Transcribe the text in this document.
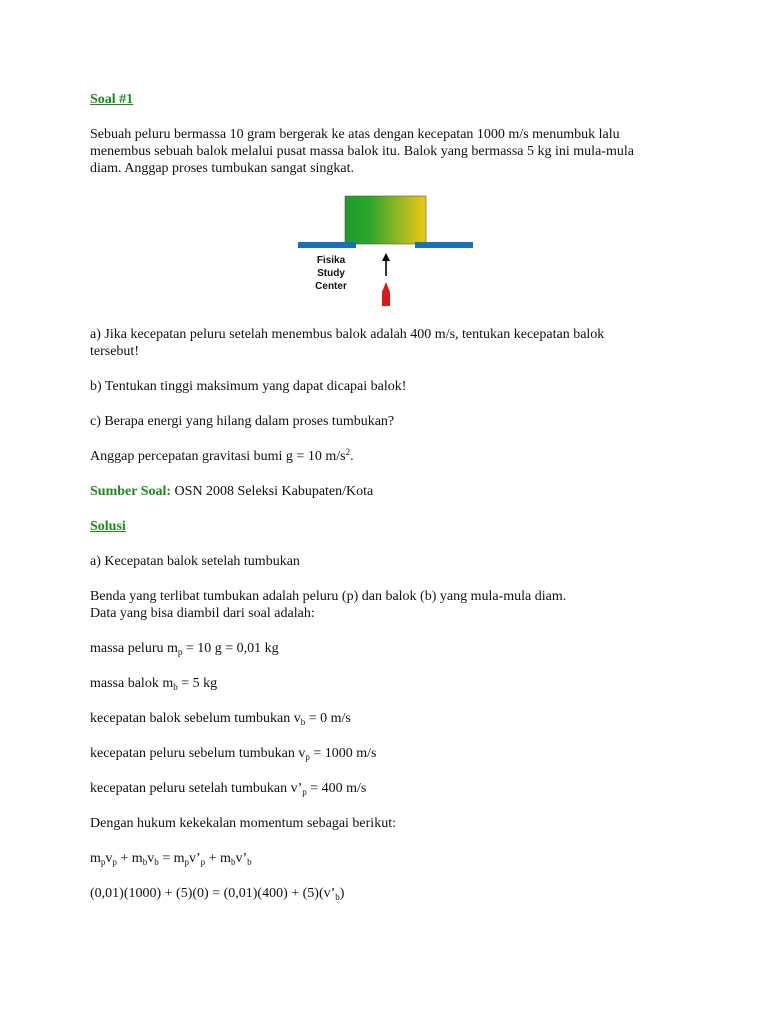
Soal #1

Sebuah peluru bermassa 10 gram bergerak ke atas dengan kecepatan 1000 m/s menumbuk lalu

menembus sebuah balok melalui pusat massa balok itu. Balok yang bermassa 5 kg ini mula-mula

diam. Anggap proses tumbukan sangat singkat.

Fisika
Study
Center

a) Jika kecepatan peluru setelah menembus balok adalah 400 m/s, tentukan kecepatan balok

tersebut!

b) Tentukan tinggi maksimum yang dapat dicapai balok!

c) Berapa energi yang hilang dalam proses tumbukan?

Anggap percepatan gravitasi bumi g = 10 $m/s^2$.

Sumber Soal: OSN 2008 Seleksi Kabupaten/Kota

Solusi

a) Kecepatan balok setelah tumbukan

Benda yang terlibat tumbukan adalah peluru (p) dan balok (b) yang mula-mula diam.

Data yang bisa diambil dari soal adalah:

massa peluru $m_p = 10$ g = 0,01 kg

massa balok $m_b = 5$ kg

kecepatan balok sebelum tumbukan $v_b = 0$ m/s

kecepatan peluru sebelum tumbukan $v_p = 1000$ m/s

kecepatan peluru setelah tumbukan $v’_p = 400$ m/s

Dengan hukum kekekalan momentum sebagai berikut:

$m_pv_p + m_bv_b$ = $m_pv’_p$ + $m_bv’_b$

$(0,01)(1000) + (5)(0) = (0,01)(400) + (5)(v’_b)$
